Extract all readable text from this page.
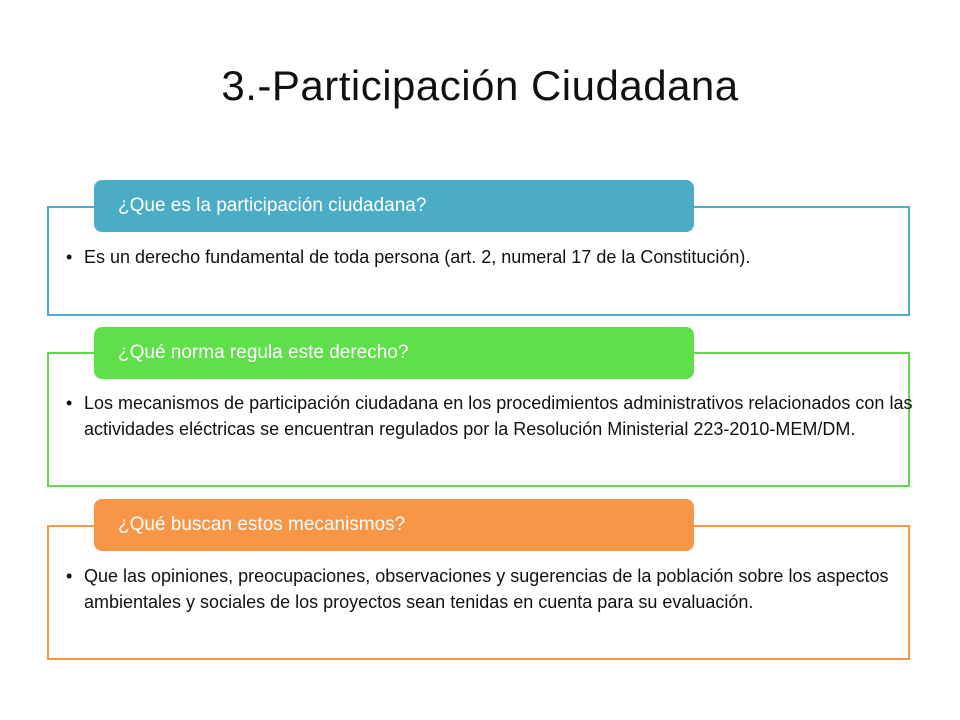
3.-Participación Ciudadana
¿Que es la participación ciudadana?
• Es un derecho fundamental de toda persona (art. 2, numeral 17 de la Constitución).
¿Qué norma regula este derecho?
• Los mecanismos de participación ciudadana en los procedimientos administrativos relacionados con las actividades eléctricas se encuentran regulados por la Resolución Ministerial 223-2010-MEM/DM.
¿Qué buscan estos mecanismos?
• Que las opiniones, preocupaciones, observaciones y sugerencias de la población sobre los aspectos ambientales y sociales de los proyectos sean tenidas en cuenta para su evaluación.
